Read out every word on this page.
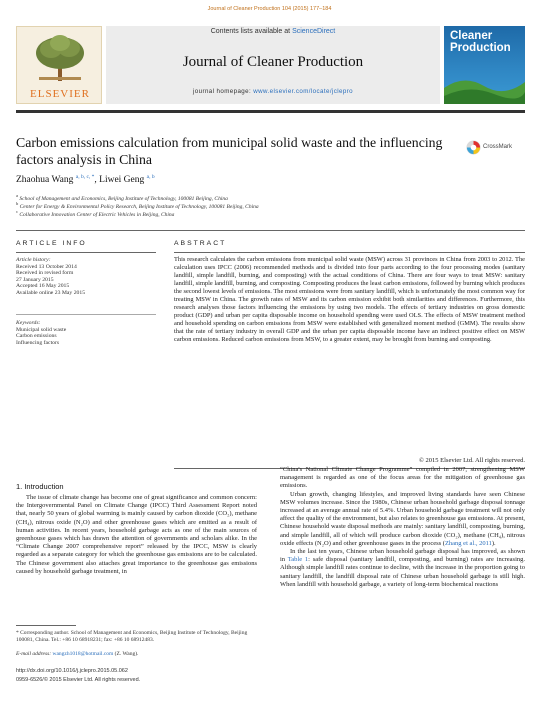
Journal of Cleaner Production 104 (2015) 177–184
ELSEVIER
Contents lists available at ScienceDirect
Journal of Cleaner Production
journal homepage: www.elsevier.com/locate/jclepro
Cleaner
Production
Carbon emissions calculation from municipal solid waste and the influencing factors analysis in China
CrossMark
Zhaohua Wang $^{a, b, c, *}$, Liwei Geng $^{a, b}$
$^a$ School of Management and Economics, Beijing Institute of Technology, 100081 Beijing, China
$^b$ Center for Energy & Environmental Policy Research, Beijing Institute of Technology, 100081 Beijing, China
$^c$ Collaborative Innovation Center of Electric Vehicles in Beijing, China
ARTICLE INFO	ABSTRACT
Article history:
Received 13 October 2014
Received in revised form
27 January 2015
Accepted 16 May 2015
Available online 23 May 2015
Keywords:
Municipal solid waste
Carbon emissions
Influencing factors
This research calculates the carbon emissions from municipal solid waste (MSW) across 31 provinces in China from 2003 to 2012. The calculation uses IPCC (2006) recommended methods and is divided into four parts according to the four processing modes (sanitary landfill, simple landfill, burning, and composting) with the actual conditions of China. There are four ways to treat MSW: sanitary landfill, simple landfill, burning, and composting. Composting produces the least carbon emissions, followed by burning which produces the second lowest levels of emissions. The most emissions were from sanitary landfill, which is unfortunately the most common way for treating MSW in China. The growth rates of MSW and its carbon emission exhibit both similarities and differences. Furthermore, this research analyses those factors influencing the emissions by using two models. The effects of tertiary industries on gross domestic product (GDP) and urban per capita disposable income on household spending were used OLS. The effects of MSW treatment method and household spending on carbon emissions from MSW were established with generalized moment method (GMM). The results show that the rate of tertiary industry in overall GDP and the urban per capita disposable income have an indirect positive effect on MSW carbon emissions. Reduced carbon emissions from MSW, to a greater extent, may be brought from burning and composting.
© 2015 Elsevier Ltd. All rights reserved.
1. Introduction

The issue of climate change has become one of great significance and common concern: the Intergovernmental Panel on Climate Change (IPCC) Third Assessment Report noted that, nearly 50 years of global warming is mainly caused by carbon dioxide (CO₂), methane (CH₄), nitrous oxide (N₂O) and other greenhouse gases which are emitted as a result of human activities. In recent years, household garbage acts as one of the main sources of greenhouse gases which has drawn the attention of governments and scholars alike. In the “Climate Change 2007 comprehensive report” released by the IPCC, MSW is clearly regarded as a separate category for which the greenhouse gas emissions are to be calculated. The Chinese government also attaches great importance to the greenhouse gas emissions caused by household garbage treatment, in

“China's National Climate Change Programme” compiled in 2007, strengthening MSW management is regarded as one of the focus areas for the mitigation of greenhouse gas emissions.

Urban growth, changing lifestyles, and improved living standards have seen Chinese MSW volumes increase. Since the 1980s, Chinese urban household garbage disposal tonnage increased at an average annual rate of 5.4%. Urban household garbage treatment will not only affect the quality of the environment, but also relates to greenhouse gas emissions. At present, Chinese household waste disposal methods are mainly: sanitary landfill, composting, burning, and simple landfill, all of which will produce carbon dioxide (CO₂), methane (CH₄), nitrous oxide effects (N₂O) and other greenhouse gases in the process (Zhang et al., 2011).

In the last ten years, Chinese urban household garbage disposal has improved, as shown in Table 1: safe disposal (sanitary landfill, composting, and burning) rates are increasing. Although simple landfill rates continue to decline, with the increase in the proportion going to sanitary landfill, the landfill disposal rate of Chinese urban household garbage is still high. When landfill with household garbage, a variety of long-term biochemical reactions

* Corresponding author. School of Management and Economics, Beijing Institute of Technology, Beijing 100081, China. Tel.: +86 10 68918231; fax: +86 10 68912483.
E-mail address: wangzh1018@hotmail.com (Z. Wang).
http://dx.doi.org/10.1016/j.jclepro.2015.05.062
0959-6526/© 2015 Elsevier Ltd. All rights reserved.
